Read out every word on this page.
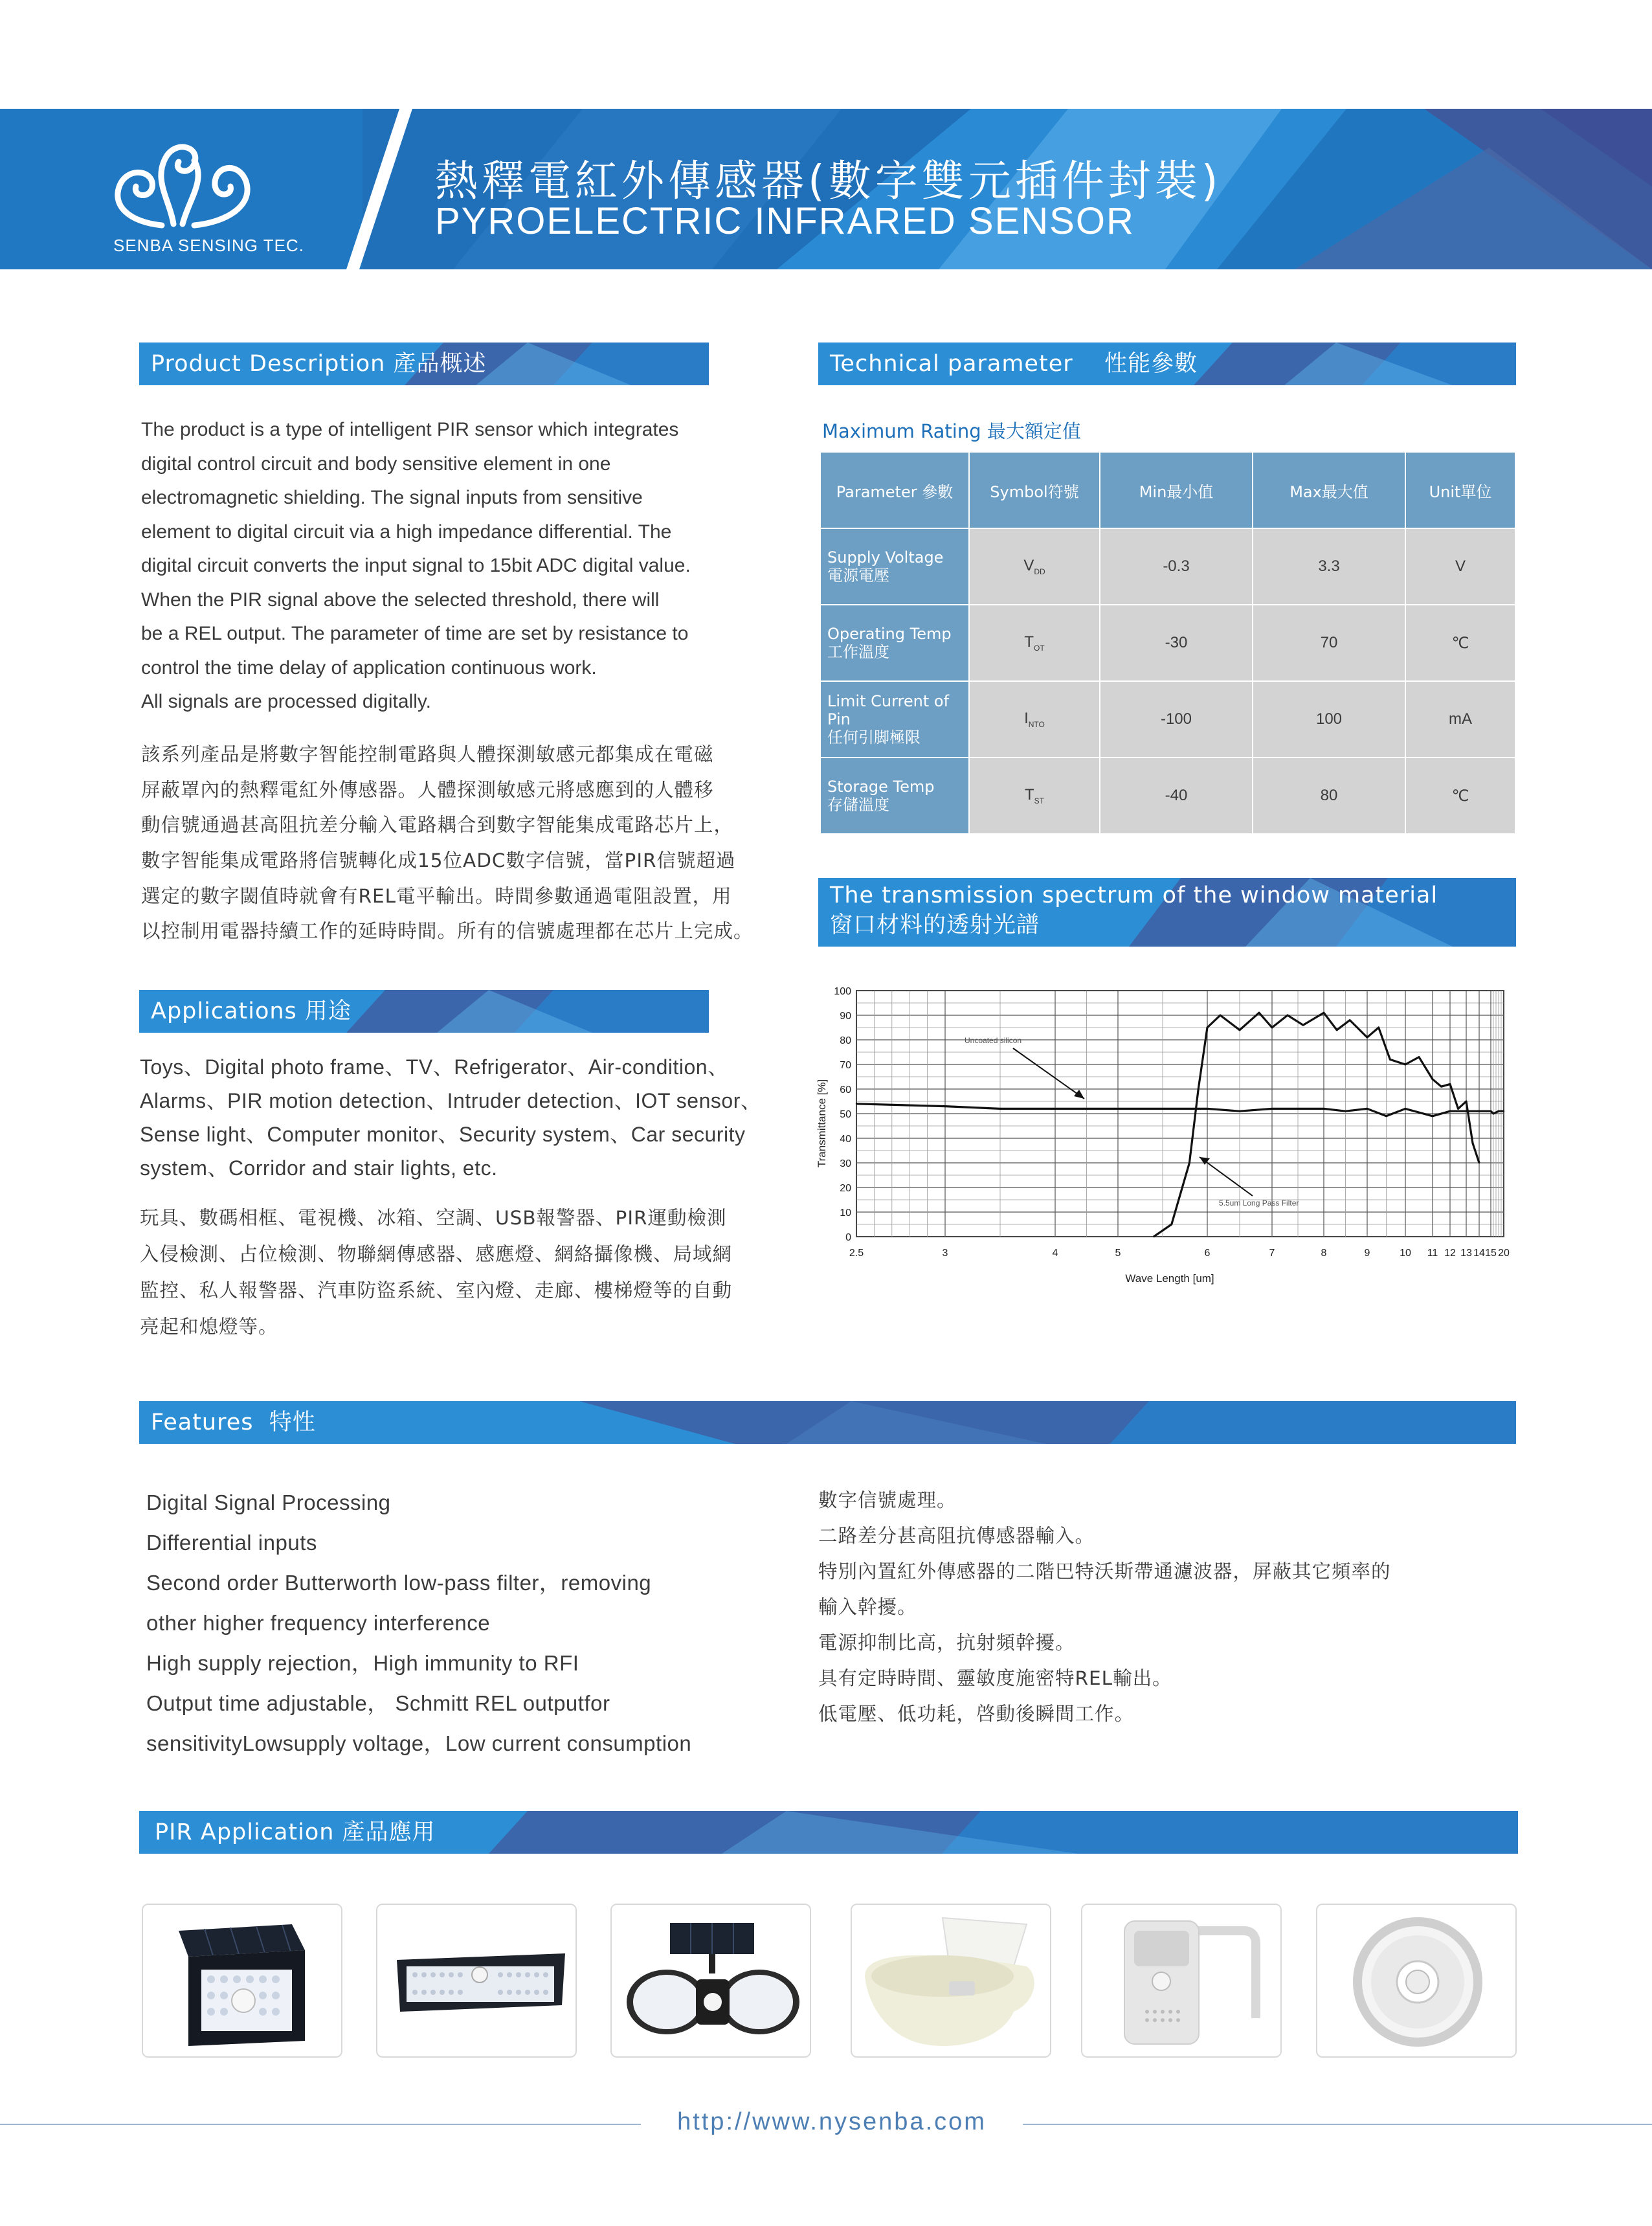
SENBA SENSING TEC.
熱釋電紅外傳感器(數字雙元插件封裝)
PYROELECTRIC INFRARED SENSOR
Product Description 產品概述
The product is a type of intelligent PIR sensor which integrates
digital control circuit and body sensitive element in one
electromagnetic shielding. The signal inputs from sensitive
element to digital circuit via a high impedance differential. The
digital circuit converts the input signal to 15bit ADC digital value.
When the PIR signal above the selected threshold, there will
be a REL output. The parameter of time are set by resistance to
control the time delay of application continuous work.
All signals are processed digitally.
該系列產品是將數字智能控制電路與人體探測敏感元都集成在電磁
屏蔽罩內的熱釋電紅外傳感器。人體探測敏感元將感應到的人體移
動信號通過甚高阻抗差分輸入電路耦合到數字智能集成電路芯片上，
數字智能集成電路將信號轉化成15位ADC數字信號，當PIR信號超過
選定的數字閾值時就會有REL電平輸出。時間參數通過電阻設置，用
以控制用電器持續工作的延時時間。所有的信號處理都在芯片上完成。
Applications 用途
Toys、Digital photo frame、TV、Refrigerator、Air-condition、
Alarms、PIR motion detection、Intruder detection、IOT sensor、
Sense light、Computer monitor、Security system、Car security
system、Corridor and stair lights, etc.
玩具、數碼相框、電視機、冰箱、空調、USB報警器、PIR運動檢測
入侵檢測、占位檢測、物聯網傳感器、感應燈、網絡攝像機、局域網
監控、私人報警器、汽車防盜系統、室內燈、走廊、樓梯燈等的自動
亮起和熄燈等。
Technical parameter    性能參數
Maximum Rating 最大額定值
Parameter 參數	Symbol符號	Min最小值	Max最大值	Unit單位

Supply Voltage
電源電壓	$V_{DD}$	-0.3	3.3	V

Operating Temp
工作溫度	$T_{OT}$	-30	70	℃

Limit Current of Pin
任何引脚極限	$I_{NTO}$	-100	100	mA

Storage Temp
存儲溫度	$T_{ST}$	-40	80	℃
The transmission spectrum of the window material
窗口材料的透射光譜
0
10
20
30
40
50
60
70
80
90
100
2.5	3	4	5	6	7	8	9	10 11 12 13 14 15 20
Wave Length [um]
Transmittance [%]
Uncoated silicon
5.5um Long Pass Filter
Features  特性
Digital Signal Processing
Differential inputs
Second order Butterworth low-pass filter，removing
other higher frequency interference
High supply rejection，High immunity to RFI
Output time adjustable， Schmitt REL outputfor
sensitivityLowsupply voltage，Low current consumption
數字信號處理。
二路差分甚高阻抗傳感器輸入。
特別內置紅外傳感器的二階巴特沃斯帶通濾波器，屏蔽其它頻率的
輸入幹擾。
電源抑制比高，抗射頻幹擾。
具有定時時間、靈敏度施密特REL輸出。
低電壓、低功耗，啓動後瞬間工作。
PIR Application 產品應用
http://www.nysenba.com
